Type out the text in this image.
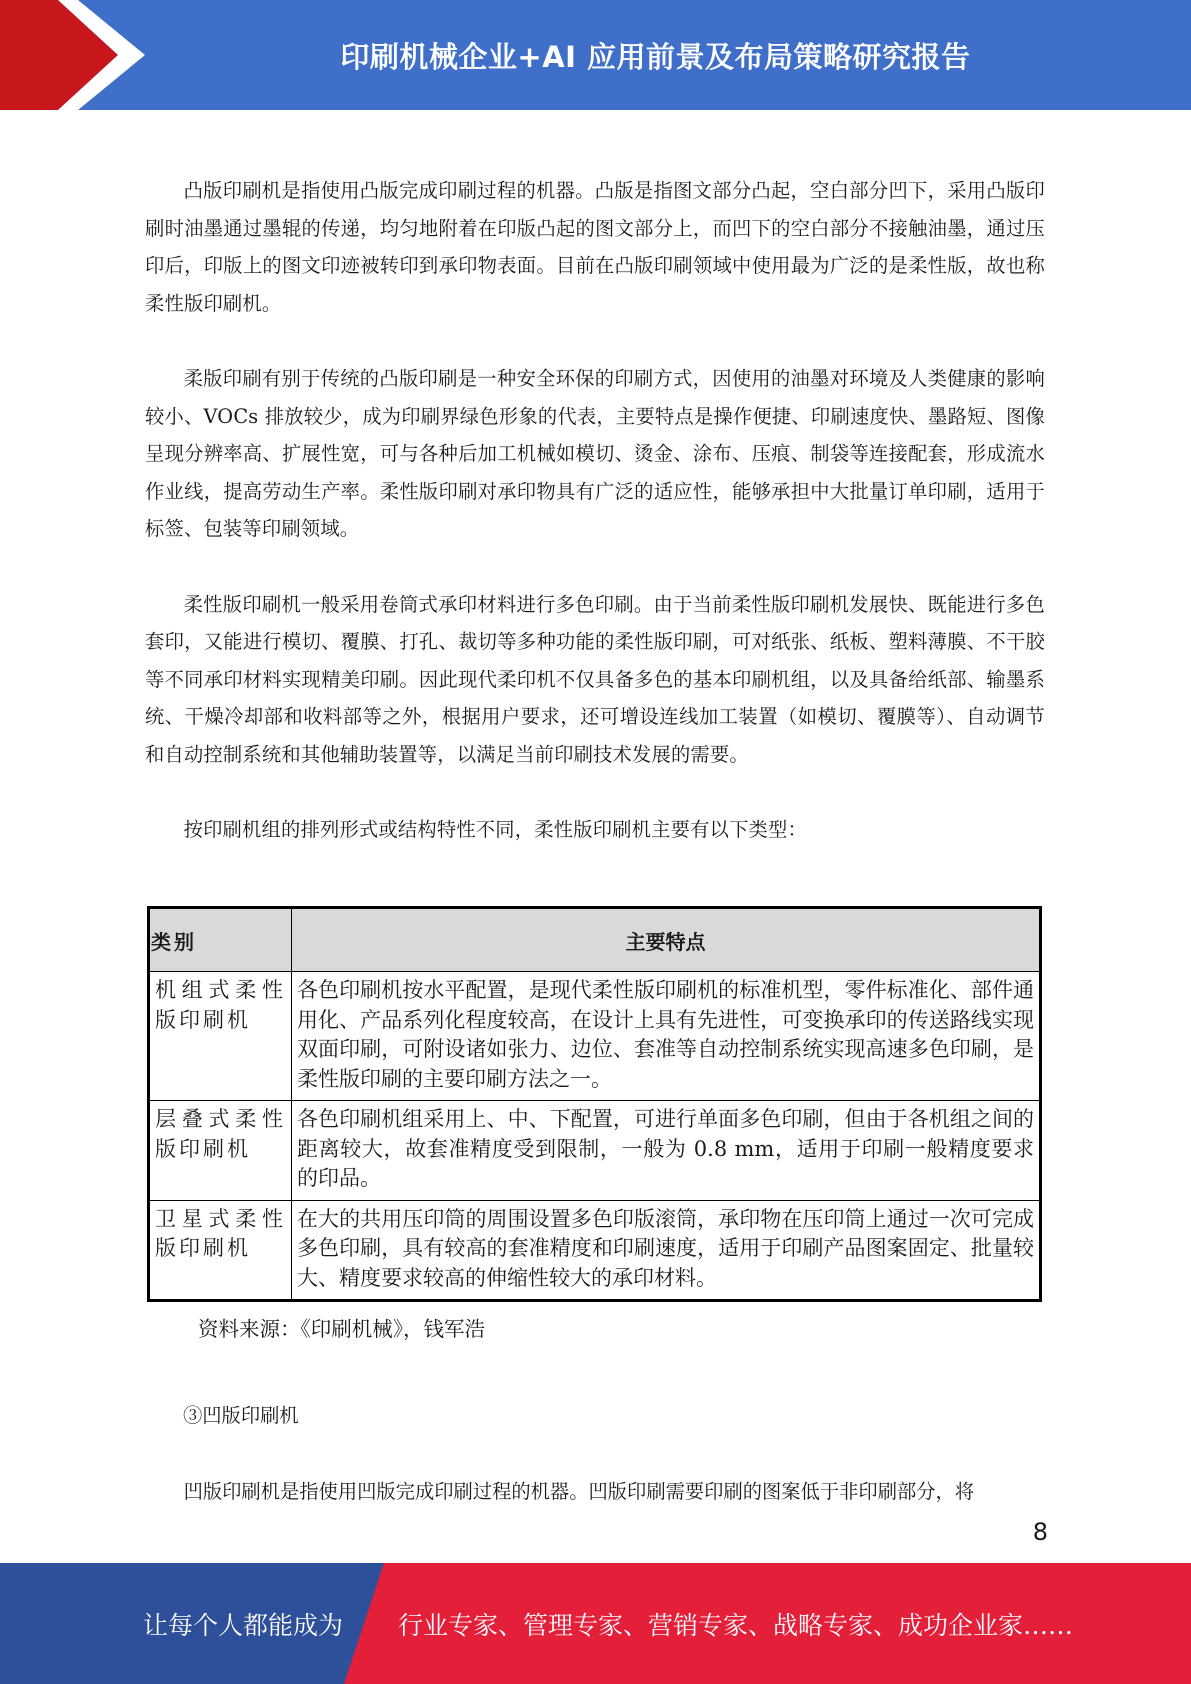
印刷机械企业+AI 应用前景及布局策略研究报告

凸版印刷机是指使用凸版完成印刷过程的机器。凸版是指图文部分凸起，空白部分凹下，采用凸版印刷时油墨通过墨辊的传递，均匀地附着在印版凸起的图文部分上，而凹下的空白部分不接触油墨，通过压印后，印版上的图文印迹被转印到承印物表面。目前在凸版印刷领域中使用最为广泛的是柔性版，故也称柔性版印刷机。

柔版印刷有别于传统的凸版印刷是一种安全环保的印刷方式，因使用的油墨对环境及人类健康的影响较小、VOCs 排放较少，成为印刷界绿色形象的代表，主要特点是操作便捷、印刷速度快、墨路短、图像呈现分辨率高、扩展性宽，可与各种后加工机械如模切、烫金、涂布、压痕、制袋等连接配套，形成流水作业线，提高劳动生产率。柔性版印刷对承印物具有广泛的适应性，能够承担中大批量订单印刷，适用于标签、包装等印刷领域。

柔性版印刷机一般采用卷筒式承印材料进行多色印刷。由于当前柔性版印刷机发展快、既能进行多色套印，又能进行模切、覆膜、打孔、裁切等多种功能的柔性版印刷，可对纸张、纸板、塑料薄膜、不干胶等不同承印材料实现精美印刷。因此现代柔印机不仅具备多色的基本印刷机组，以及具备给纸部、输墨系统、干燥冷却部和收料部等之外，根据用户要求，还可增设连线加工装置（如模切、覆膜等）、自动调节和自动控制系统和其他辅助装置等，以满足当前印刷技术发展的需要。

按印刷机组的排列形式或结构特性不同，柔性版印刷机主要有以下类型：

类别	主要特点
机组式柔性版印刷机	各色印刷机按水平配置，是现代柔性版印刷机的标准机型，零件标准化、部件通用化、产品系列化程度较高，在设计上具有先进性，可变换承印的传送路线实现双面印刷，可附设诸如张力、边位、套准等自动控制系统实现高速多色印刷，是柔性版印刷的主要印刷方法之一。
层叠式柔性版印刷机	各色印刷机组采用上、中、下配置，可进行单面多色印刷，但由于各机组之间的距离较大，故套准精度受到限制，一般为 0.8 mm，适用于印刷一般精度要求的印品。
卫星式柔性版印刷机	在大的共用压印筒的周围设置多色印版滚筒，承印物在压印筒上通过一次可完成多色印刷，具有较高的套准精度和印刷速度，适用于印刷产品图案固定、批量较大、精度要求较高的伸缩性较大的承印材料。
资料来源：《印刷机械》，钱军浩
③凹版印刷机
凹版印刷机是指使用凹版完成印刷过程的机器。凹版印刷需要印刷的图案低于非印刷部分，将
8
让每个人都能成为 行业专家、管理专家、营销专家、战略专家、成功企业家……
